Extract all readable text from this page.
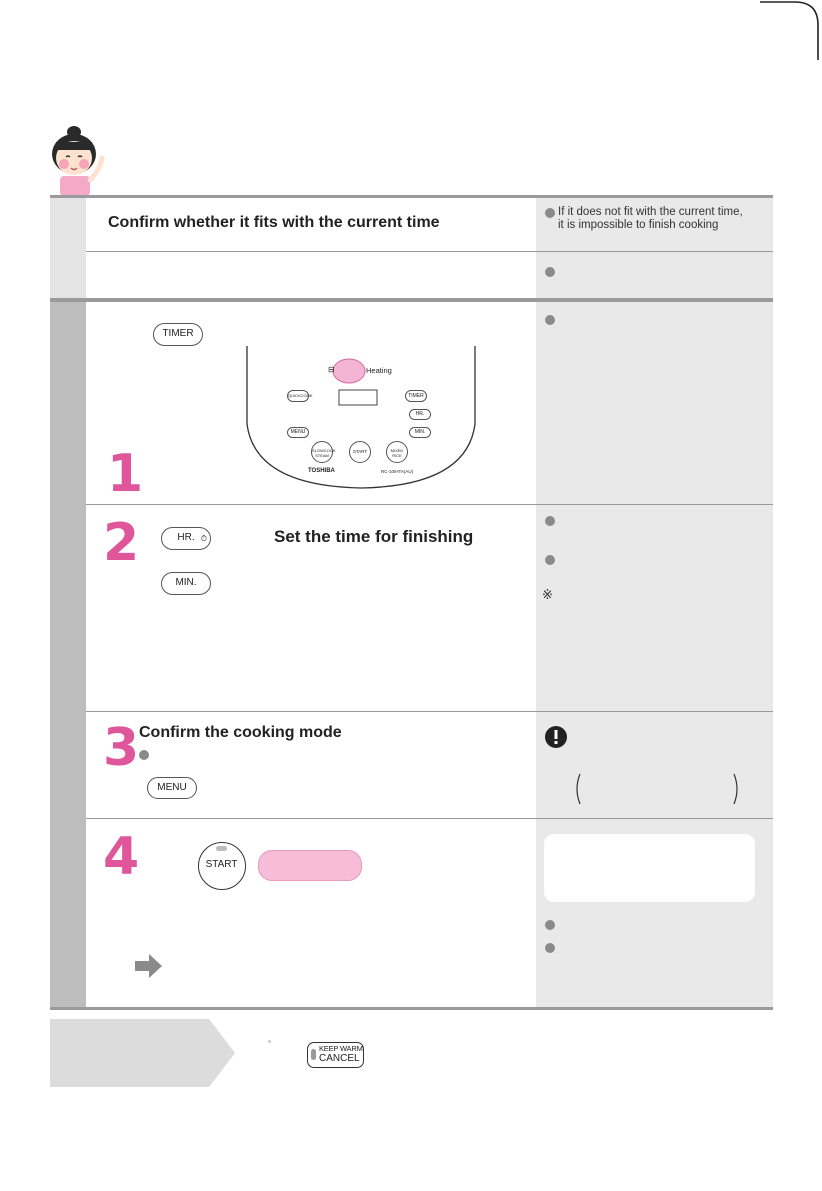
Confirm whether it fits with the current time
If it does not fit with the current time,
it is impossible to finish cooking
TIMER
1
⊟	Heating
QUICKCOOK	TIMER
HR.
MENU	MIN.
SLOWCOOK STEAM
START	MIXED RICE
TOSHIBA	RC-10IHTA(AU)
2	HR. ⏱	Set the time for finishing
MIN.
※
3 Confirm the cooking mode
MENU
4	START
KEEP WARM
CANCEL
